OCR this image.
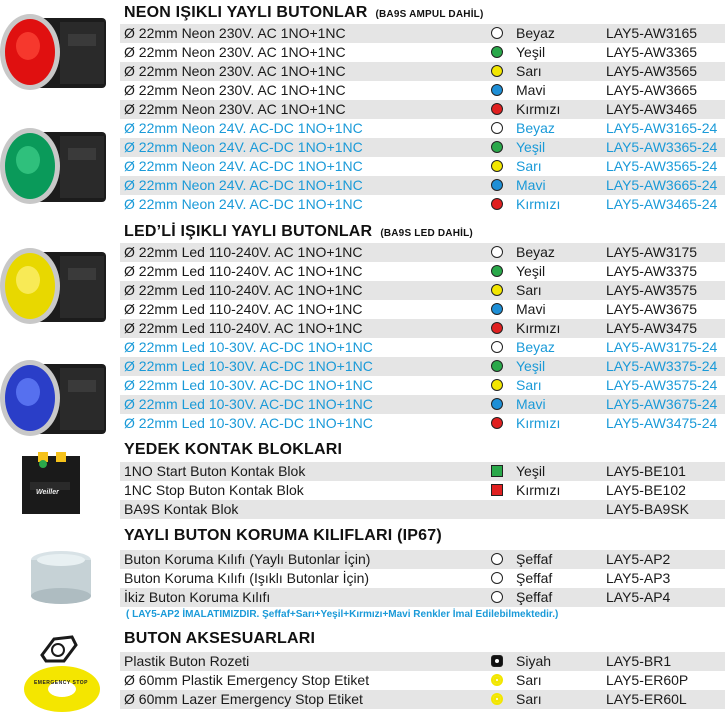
Weiller
EMERGENCY STOP
NEON IŞIKLI YAYLI BUTONLAR (BA9S AMPUL DAHİL)
Ø 22mm Neon 230V. AC 1NO+1NC	Beyaz	LAY5-AW3165
Ø 22mm Neon 230V. AC 1NO+1NC	Yeşil	LAY5-AW3365
Ø 22mm Neon 230V. AC 1NO+1NC	Sarı	LAY5-AW3565
Ø 22mm Neon 230V. AC 1NO+1NC	Mavi	LAY5-AW3665
Ø 22mm Neon 230V. AC 1NO+1NC	Kırmızı	LAY5-AW3465
Ø 22mm Neon 24V. AC-DC 1NO+1NC	Beyaz	LAY5-AW3165-24
Ø 22mm Neon 24V. AC-DC 1NO+1NC	Yeşil	LAY5-AW3365-24
Ø 22mm Neon 24V. AC-DC 1NO+1NC	Sarı	LAY5-AW3565-24
Ø 22mm Neon 24V. AC-DC 1NO+1NC	Mavi	LAY5-AW3665-24
Ø 22mm Neon 24V. AC-DC 1NO+1NC	Kırmızı	LAY5-AW3465-24
LED’Lİ IŞIKLI YAYLI BUTONLAR (BA9S LED DAHİL)
Ø 22mm Led 110-240V. AC 1NO+1NC	Beyaz	LAY5-AW3175
Ø 22mm Led 110-240V. AC 1NO+1NC	Yeşil	LAY5-AW3375
Ø 22mm Led 110-240V. AC 1NO+1NC	Sarı	LAY5-AW3575
Ø 22mm Led 110-240V. AC 1NO+1NC	Mavi	LAY5-AW3675
Ø 22mm Led 110-240V. AC 1NO+1NC	Kırmızı	LAY5-AW3475
Ø 22mm Led 10-30V. AC-DC 1NO+1NC	Beyaz	LAY5-AW3175-24
Ø 22mm Led 10-30V. AC-DC 1NO+1NC	Yeşil	LAY5-AW3375-24
Ø 22mm Led 10-30V. AC-DC 1NO+1NC	Sarı	LAY5-AW3575-24
Ø 22mm Led 10-30V. AC-DC 1NO+1NC	Mavi	LAY5-AW3675-24
Ø 22mm Led 10-30V. AC-DC 1NO+1NC	Kırmızı	LAY5-AW3475-24
YEDEK KONTAK BLOKLARI
1NO Start Buton Kontak Blok	Yeşil	LAY5-BE101
1NC Stop Buton Kontak Blok	Kırmızı	LAY5-BE102
BA9S Kontak Blok	LAY5-BA9SK
YAYLI BUTON KORUMA KILIFLARI (IP67)
Buton Koruma Kılıfı (Yaylı Butonlar İçin)	Şeffaf	LAY5-AP2
Buton Koruma Kılıfı (Işıklı Butonlar İçin)	Şeffaf	LAY5-AP3
İkiz Buton Koruma Kılıfı	Şeffaf	LAY5-AP4
( LAY5-AP2 İMALATIMIZDIR. Şeffaf+Sarı+Yeşil+Kırmızı+Mavi Renkler İmal Edilebilmektedir.)
BUTON AKSESUARLARI
Plastik Buton Rozeti	Siyah	LAY5-BR1
Ø 60mm Plastik Emergency Stop Etiket	Sarı	LAY5-ER60P
Ø 60mm Lazer Emergency Stop Etiket	Sarı	LAY5-ER60L
